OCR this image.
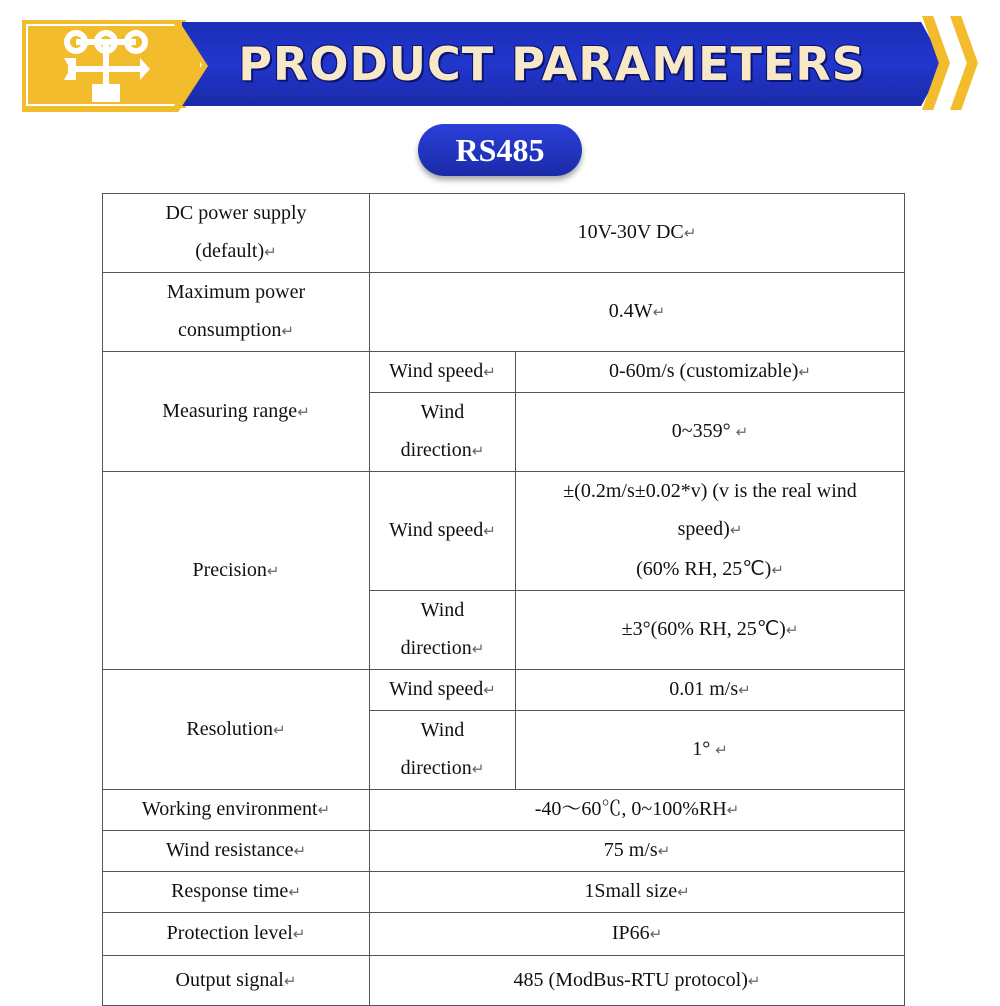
PRODUCT PARAMETERS
RS485
DC power supply
(default)↵	10V-30V DC↵	
Maximum power
consumption↵	0.4W↵	
Measuring range↵	Wind speed↵	0-60m/s (customizable)↵
	Wind
direction↵	0~359° ↵
Precision↵	Wind speed↵	±(0.2m/s±0.02*v) (v is the real wind
speed)↵
(60% RH, 25℃)↵
	Wind
direction↵	±3°(60% RH, 25℃)↵
Resolution↵	Wind speed↵	0.01 m/s↵
	Wind
direction↵	1° ↵
Working environment↵	-40～60℃, 0~100%RH↵	
Wind resistance↵	75 m/s↵	
Response time↵	1Small size↵	
Protection level↵	IP66↵	
Output signal↵	485 (ModBus-RTU protocol)↵	
